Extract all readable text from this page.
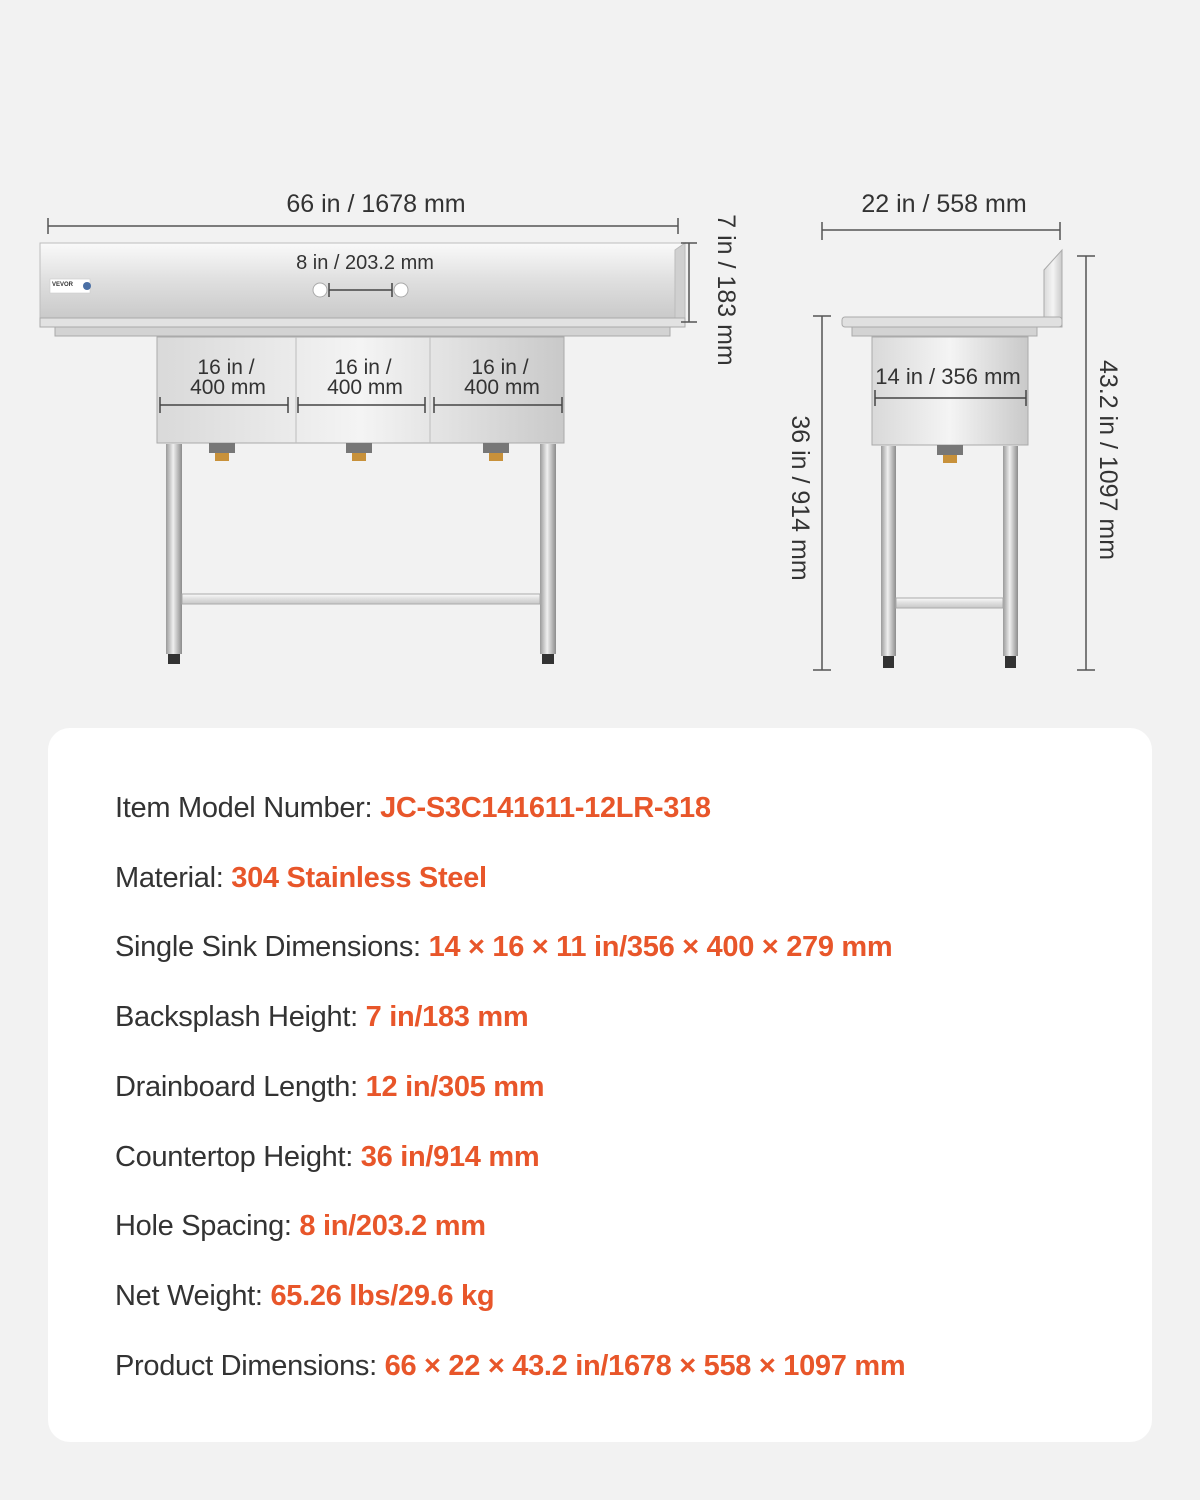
66 in / 1678 mm
VEVOR
8 in / 203.2 mm
16 in /
400 mm
16 in /
400 mm
16 in /
400 mm
7 in / 183 mm
22 in / 558 mm
14 in / 356 mm
36 in / 914 mm	43.2 in / 1097 mm
Item Model Number: JC-S3C141611-12LR-318
Material: 304 Stainless Steel
Single Sink Dimensions: 14 × 16 × 11 in/356 × 400 × 279 mm
Backsplash Height: 7 in/183 mm
Drainboard Length: 12 in/305 mm
Countertop Height: 36 in/914 mm
Hole Spacing: 8 in/203.2 mm
Net Weight: 65.26 lbs/29.6 kg
Product Dimensions: 66 × 22 × 43.2 in/1678 × 558 × 1097 mm
